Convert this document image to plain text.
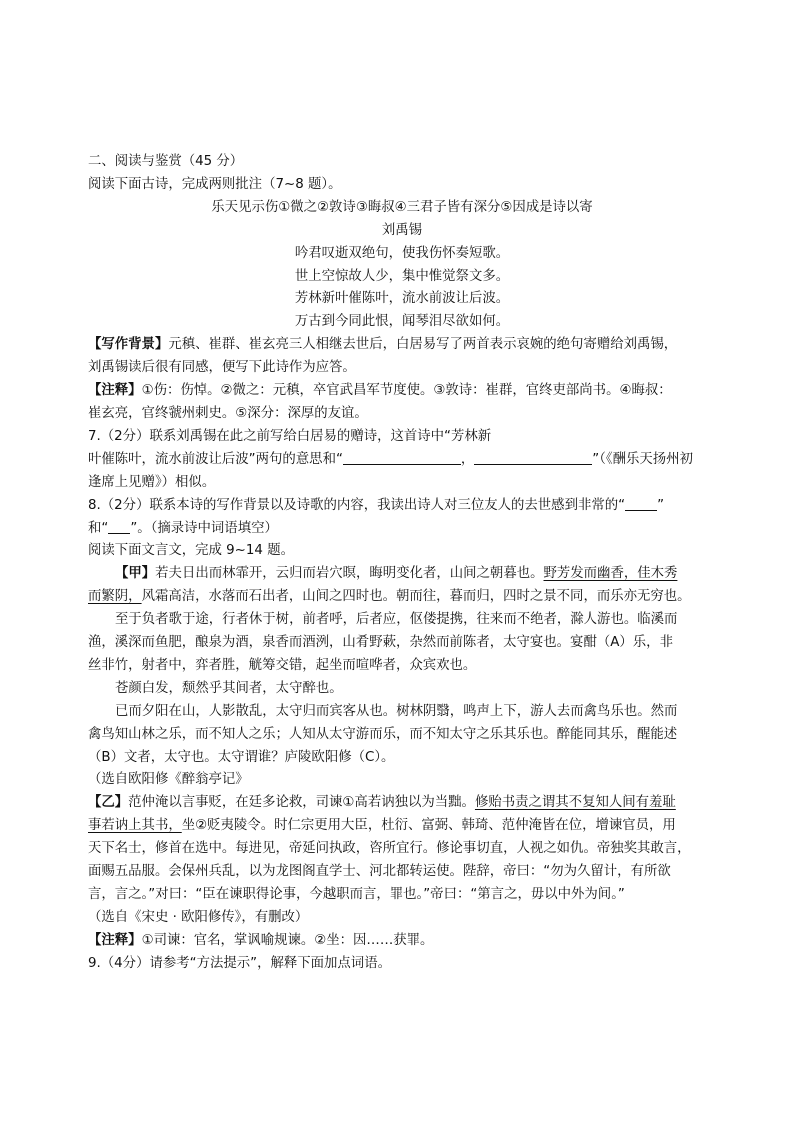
二、阅读与鉴赏（45 分）

阅读下面古诗，完成两则批注（7~8 题）。

乐天见示伤①微之②敦诗③晦叔④三君子皆有深分⑤因成是诗以寄

刘禹锡

吟君叹逝双绝句，使我伤怀奏短歌。

世上空惊故人少，集中惟觉祭文多。

芳林新叶催陈叶，流水前波让后波。

万古到今同此恨，闻琴泪尽欲如何。

【写作背景】元稹、崔群、崔玄亮三人相继去世后，白居易写了两首表示哀婉的绝句寄赠给刘禹锡，

刘禹锡读后很有同感，便写下此诗作为应答。

【注释】①伤：伤悼。②微之：元稹，卒官武昌军节度使。③敦诗：崔群，官终吏部尚书。④晦叔：

崔玄亮，官终虢州刺史。⑤深分：深厚的友谊。

7.（2分）联系刘禹锡在此之前写给白居易的赠诗，这首诗中“芳林新

叶催陈叶，流水前波让后波”两句的意思和“	，	”（《酬乐天扬州初

逢席上见赠》）相似。

8.（2分）联系本诗的写作背景以及诗歌的内容，我读出诗人对三位友人的去世感到非常的“ ”

和“ ”。（摘录诗中词语填空）

阅读下面文言文，完成 9~14 题。

【甲】若夫日出而林霏开，云归而岩穴暝，晦明变化者，山间之朝暮也。野芳发而幽香，佳木秀

而繁阴，风霜高洁，水落而石出者，山间之四时也。朝而往，暮而归，四时之景不同，而乐亦无穷也。

至于负者歌于途，行者休于树，前者呼，后者应，伛偻提携，往来而不绝者，滁人游也。临溪而

渔，溪深而鱼肥，酿泉为酒，泉香而酒洌，山肴野蔌，杂然而前陈者，太守宴也。宴酣（A）乐，非

丝非竹，射者中，弈者胜，觥筹交错，起坐而喧哗者，众宾欢也。

苍颜白发，颓然乎其间者，太守醉也。

已而夕阳在山，人影散乱，太守归而宾客从也。树林阴翳，鸣声上下，游人去而禽鸟乐也。然而

禽鸟知山林之乐，而不知人之乐；人知从太守游而乐，而不知太守之乐其乐也。醉能同其乐，醒能述

（B）文者，太守也。太守谓谁？庐陵欧阳修（C）。

（选自欧阳修《醉翁亭记》

【乙】范仲淹以言事贬，在廷多论救，司谏①高若讷独以为当黜。修贻书责之谓其不复知人间有羞耻

事若讷上其书，坐②贬夷陵令。时仁宗更用大臣，杜衍、富弼、韩琦、范仲淹皆在位，增谏官员，用

天下名士，修首在选中。每进见，帝延问执政，咨所宜行。修论事切直，人视之如仇。帝独奖其敢言，

面赐五品服。会保州兵乱，以为龙图阁直学士、河北都转运使。陛辞，帝曰：“勿为久留计，有所欲

言，言之。”对曰：“臣在谏职得论事，今越职而言，罪也。”帝曰：“第言之，毋以中外为间。”

（选自《宋史 · 欧阳修传》，有删改）

【注释】①司谏：官名，掌讽喻规谏。②坐：因……获罪。

9.（4分）请参考“方法提示”，解释下面加点词语。
